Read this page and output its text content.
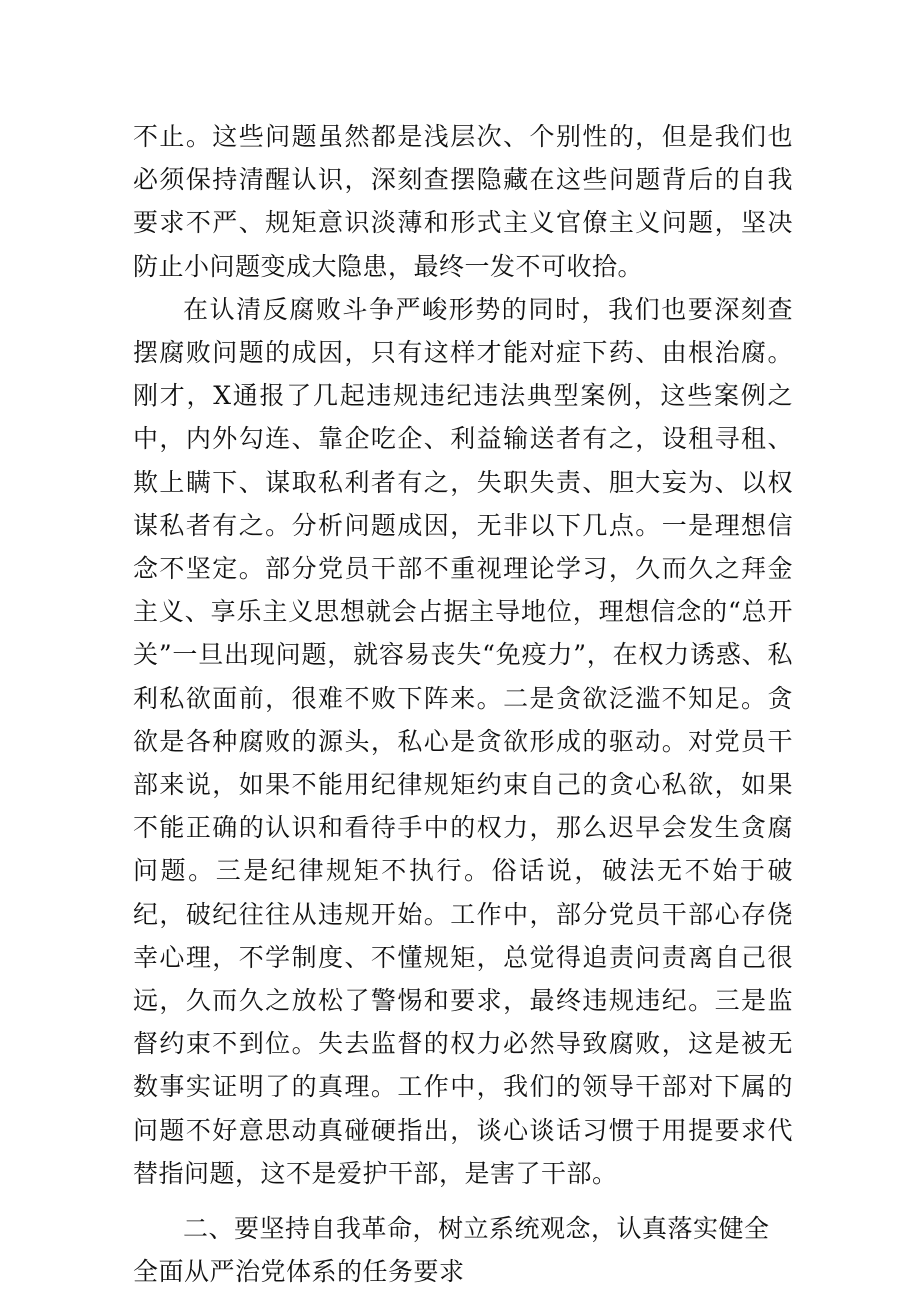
不止。这些问题虽然都是浅层次、个别性的，但是我们也必须保持清醒认识，深刻查摆隐藏在这些问题背后的自我要求不严、规矩意识淡薄和形式主义官僚主义问题，坚决防止小问题变成大隐患，最终一发不可收拾。

在认清反腐败斗争严峻形势的同时，我们也要深刻查摆腐败问题的成因，只有这样才能对症下药、由根治腐。刚才，X通报了几起违规违纪违法典型案例，这些案例之中，内外勾连、靠企吃企、利益输送者有之，设租寻租、欺上瞒下、谋取私利者有之，失职失责、胆大妄为、以权谋私者有之。分析问题成因，无非以下几点。一是理想信念不坚定。部分党员干部不重视理论学习，久而久之拜金主义、享乐主义思想就会占据主导地位，理想信念的“总开关”一旦出现问题，就容易丧失“免疫力”，在权力诱惑、私利私欲面前，很难不败下阵来。二是贪欲泛滥不知足。贪欲是各种腐败的源头，私心是贪欲形成的驱动。对党员干部来说，如果不能用纪律规矩约束自己的贪心私欲，如果不能正确的认识和看待手中的权力，那么迟早会发生贪腐问题。三是纪律规矩不执行。俗话说，破法无不始于破纪，破纪往往从违规开始。工作中，部分党员干部心存侥幸心理，不学制度、不懂规矩，总觉得追责问责离自己很远，久而久之放松了警惕和要求，最终违规违纪。三是监督约束不到位。失去监督的权力必然导致腐败，这是被无数事实证明了的真理。工作中，我们的领导干部对下属的问题不好意思动真碰硬指出，谈心谈话习惯于用提要求代替指问题，这不是爱护干部，是害了干部。

二、要坚持自我革命，树立系统观念，认真落实健全全面从严治党体系的任务要求
